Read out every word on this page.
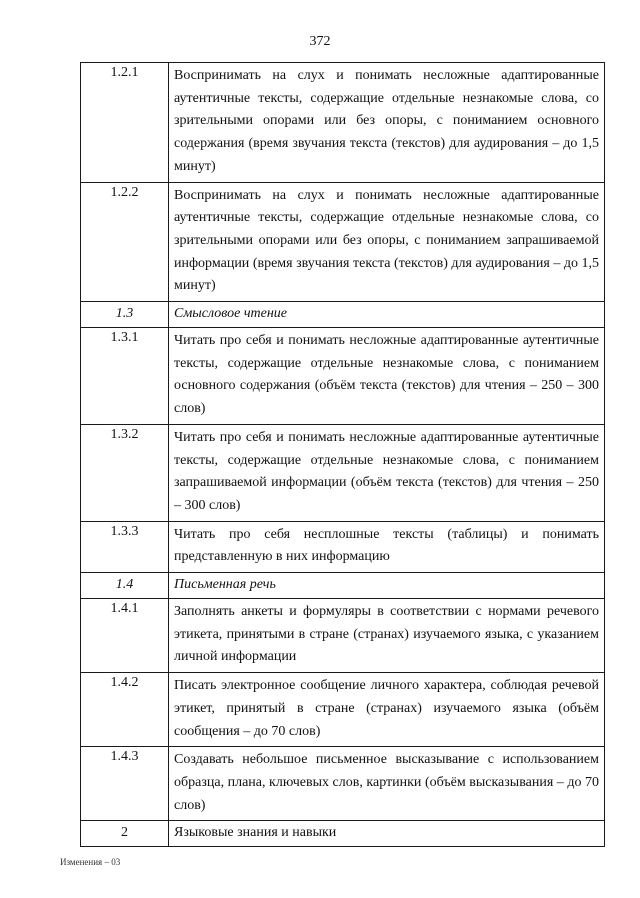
372
1.2.1	Воспринимать на слух и понимать несложные адаптированные аутентичные тексты, содержащие отдельные незнакомые слова, со зрительными опорами или без опоры, с пониманием основного содержания (время звучания текста (текстов) для аудирования – до 1,5 минут)
1.2.2	Воспринимать на слух и понимать несложные адаптированные аутентичные тексты, содержащие отдельные незнакомые слова, со зрительными опорами или без опоры, с пониманием запрашиваемой информации (время звучания текста (текстов) для аудирования – до 1,5 минут)
1.3	Смысловое чтение
1.3.1	Читать про себя и понимать несложные адаптированные аутентичные тексты, содержащие отдельные незнакомые слова, с пониманием основного содержания (объём текста (текстов) для чтения – 250 – 300 слов)
1.3.2	Читать про себя и понимать несложные адаптированные аутентичные тексты, содержащие отдельные незнакомые слова, с пониманием запрашиваемой информации (объём текста (текстов) для чтения – 250 – 300 слов)
1.3.3	Читать про себя несплошные тексты (таблицы) и понимать представленную в них информацию
1.4	Письменная речь
1.4.1	Заполнять анкеты и формуляры в соответствии с нормами речевого этикета, принятыми в стране (странах) изучаемого языка, с указанием личной информации
1.4.2	Писать электронное сообщение личного характера, соблюдая речевой этикет, принятый в стране (странах) изучаемого языка (объём сообщения – до 70 слов)
1.4.3	Создавать небольшое письменное высказывание с использованием образца, плана, ключевых слов, картинки (объём высказывания – до 70 слов)
2	Языковые знания и навыки
Изменения – 03
